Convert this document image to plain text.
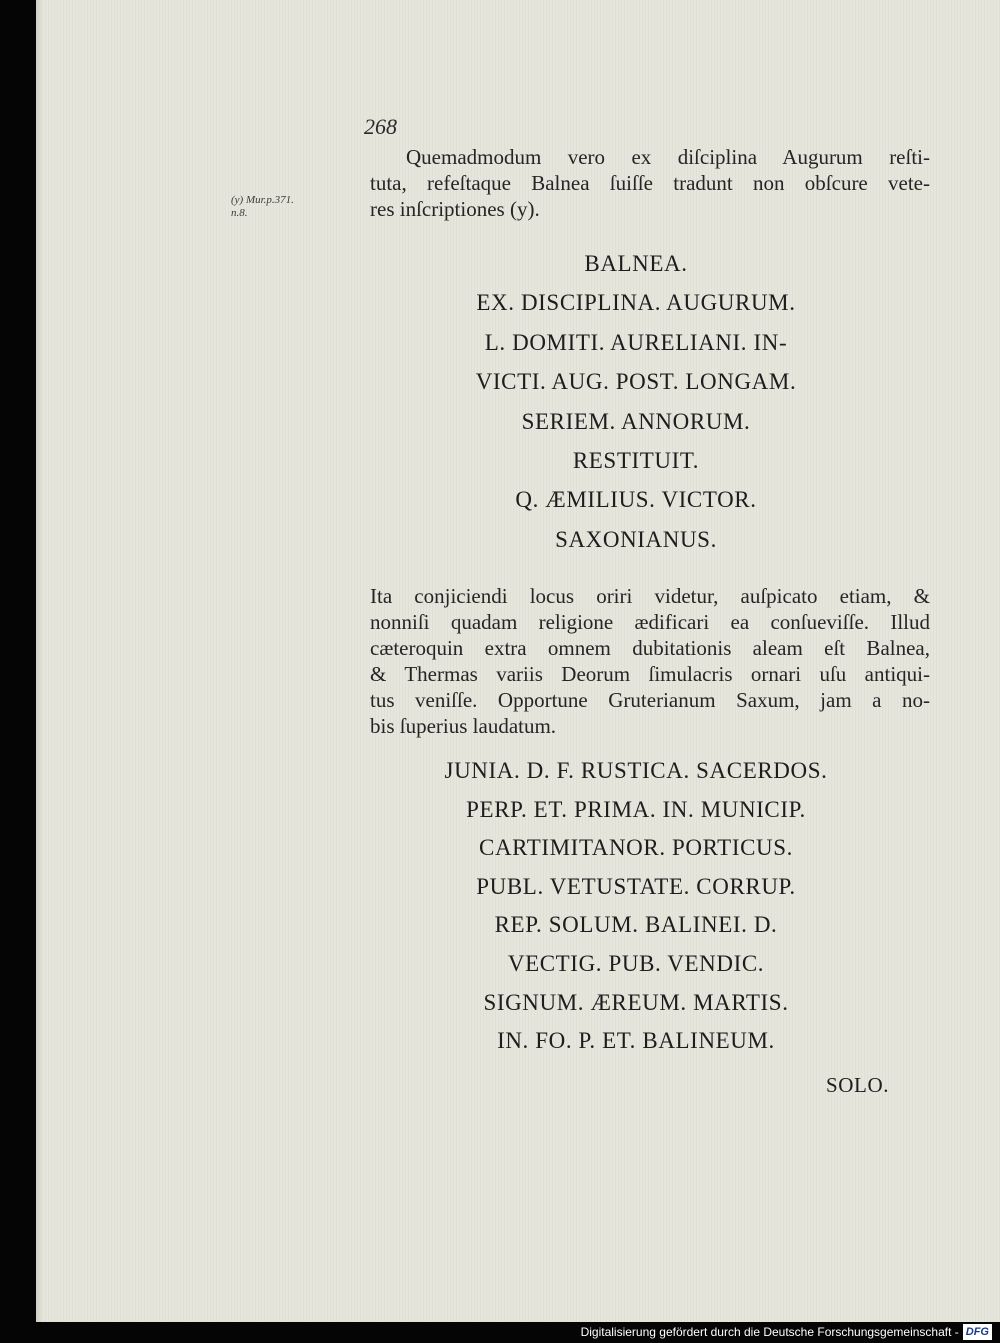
268
Quemadmodum vero ex diſciplina Augurum reſti-
tuta, refeſtaque Balnea ſuiſſe tradunt non obſcure vete-
res inſcriptiones (y).
(y) Mur.p.371.
n.8.
BALNEA.
EX. DISCIPLINA. AUGURUM.
L. DOMITI. AURELIANI. IN-
VICTI. AUG. POST. LONGAM.
SERIEM. ANNORUM.
RESTITUIT.
Q. ÆMILIUS. VICTOR.
SAXONIANUS.
Ita conjiciendi locus oriri videtur, auſpicato etiam, &
nonniſi quadam religione ædificari ea conſueviſſe. Illud
cæteroquin extra omnem dubitationis aleam eſt Balnea,
& Thermas variis Deorum ſimulacris ornari uſu antiqui-
tus veniſſe. Opportune Gruterianum Saxum, jam a no-
bis ſuperius laudatum.
JUNIA. D. F. RUSTICA. SACERDOS.
PERP. ET. PRIMA. IN. MUNICIP.
CARTIMITANOR. PORTICUS.
PUBL. VETUSTATE. CORRUP.
REP. SOLUM. BALINEI. D.
VECTIG. PUB. VENDIC.
SIGNUM. ÆREUM. MARTIS.
IN. FO. P. ET. BALINEUM.
SOLO.
Digitalisierung gefördert durch die Deutsche Forschungsgemeinschaft - DFG
